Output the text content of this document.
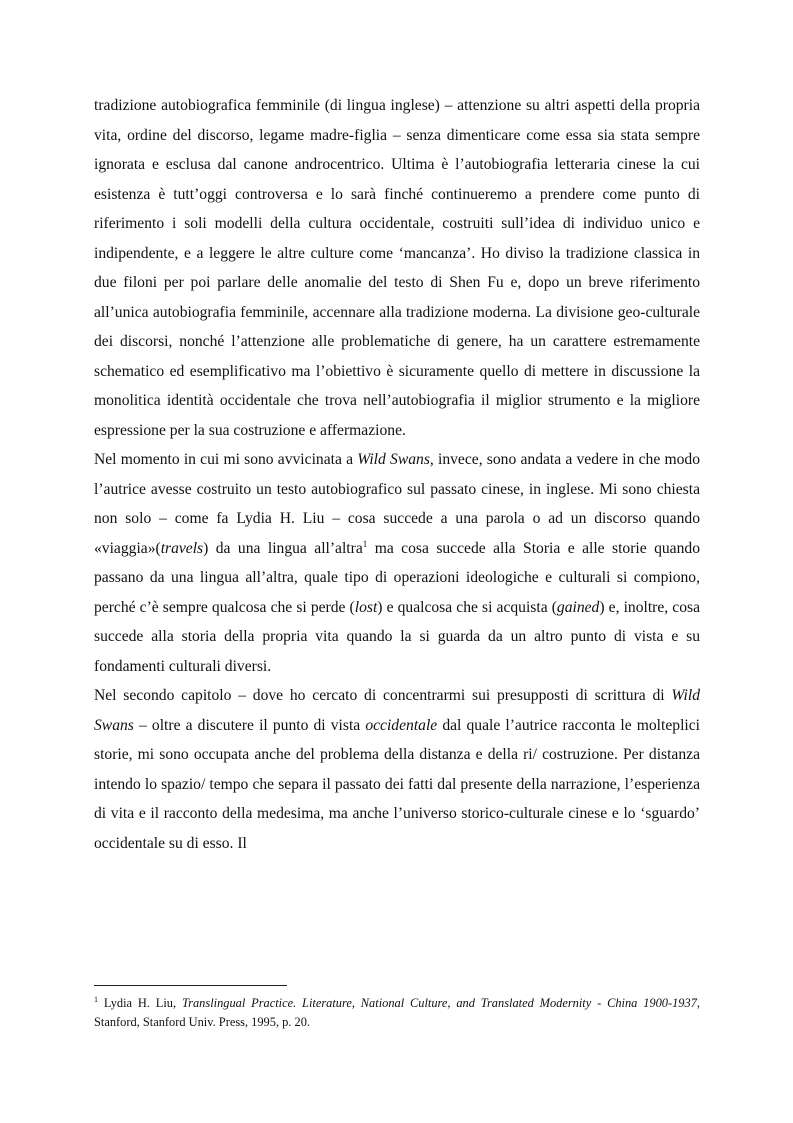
tradizione autobiografica femminile (di lingua inglese) – attenzione su altri aspetti della propria vita, ordine del discorso, legame madre-figlia – senza dimenticare come essa sia stata sempre ignorata e esclusa dal canone androcentrico. Ultima è l’autobiografia letteraria cinese la cui esistenza è tutt’oggi controversa e lo sarà finché continueremo a prendere come punto di riferimento i soli modelli della cultura occidentale, costruiti sull’idea di individuo unico e indipendente, e a leggere le altre culture come ‘mancanza’. Ho diviso la tradizione classica in due filoni per poi parlare delle anomalie del testo di Shen Fu e, dopo un breve riferimento all’unica autobiografia femminile, accennare alla tradizione moderna. La divisione geo-culturale dei discorsi, nonché l’attenzione alle problematiche di genere, ha un carattere estremamente schematico ed esemplificativo ma l’obiettivo è sicuramente quello di mettere in discussione la monolitica identità occidentale che trova nell’autobiografia il miglior strumento e la migliore espressione per la sua costruzione e affermazione.

Nel momento in cui mi sono avvicinata a Wild Swans, invece, sono andata a vedere in che modo l’autrice avesse costruito un testo autobiografico sul passato cinese, in inglese. Mi sono chiesta non solo – come fa Lydia H. Liu – cosa succede a una parola o ad un discorso quando «viaggia»(travels) da una lingua all’altra$^1$ ma cosa succede alla Storia e alle storie quando passano da una lingua all’altra, quale tipo di operazioni ideologiche e culturali si compiono, perché c’è sempre qualcosa che si perde (lost) e qualcosa che si acquista (gained) e, inoltre, cosa succede alla storia della propria vita quando la si guarda da un altro punto di vista e su fondamenti culturali diversi.

Nel secondo capitolo – dove ho cercato di concentrarmi sui presupposti di scrittura di Wild Swans – oltre a discutere il punto di vista occidentale dal quale l’autrice racconta le molteplici storie, mi sono occupata anche del problema della distanza e della ri/ costruzione. Per distanza intendo lo spazio/ tempo che separa il passato dei fatti dal presente della narrazione, l’esperienza di vita e il racconto della medesima, ma anche l’universo storico-culturale cinese e lo ‘sguardo’ occidentale su di esso. Il

$^1$ Lydia H. Liu, Translingual Practice. Literature, National Culture, and Translated Modernity - China 1900-1937, Stanford, Stanford Univ. Press, 1995, p. 20.
